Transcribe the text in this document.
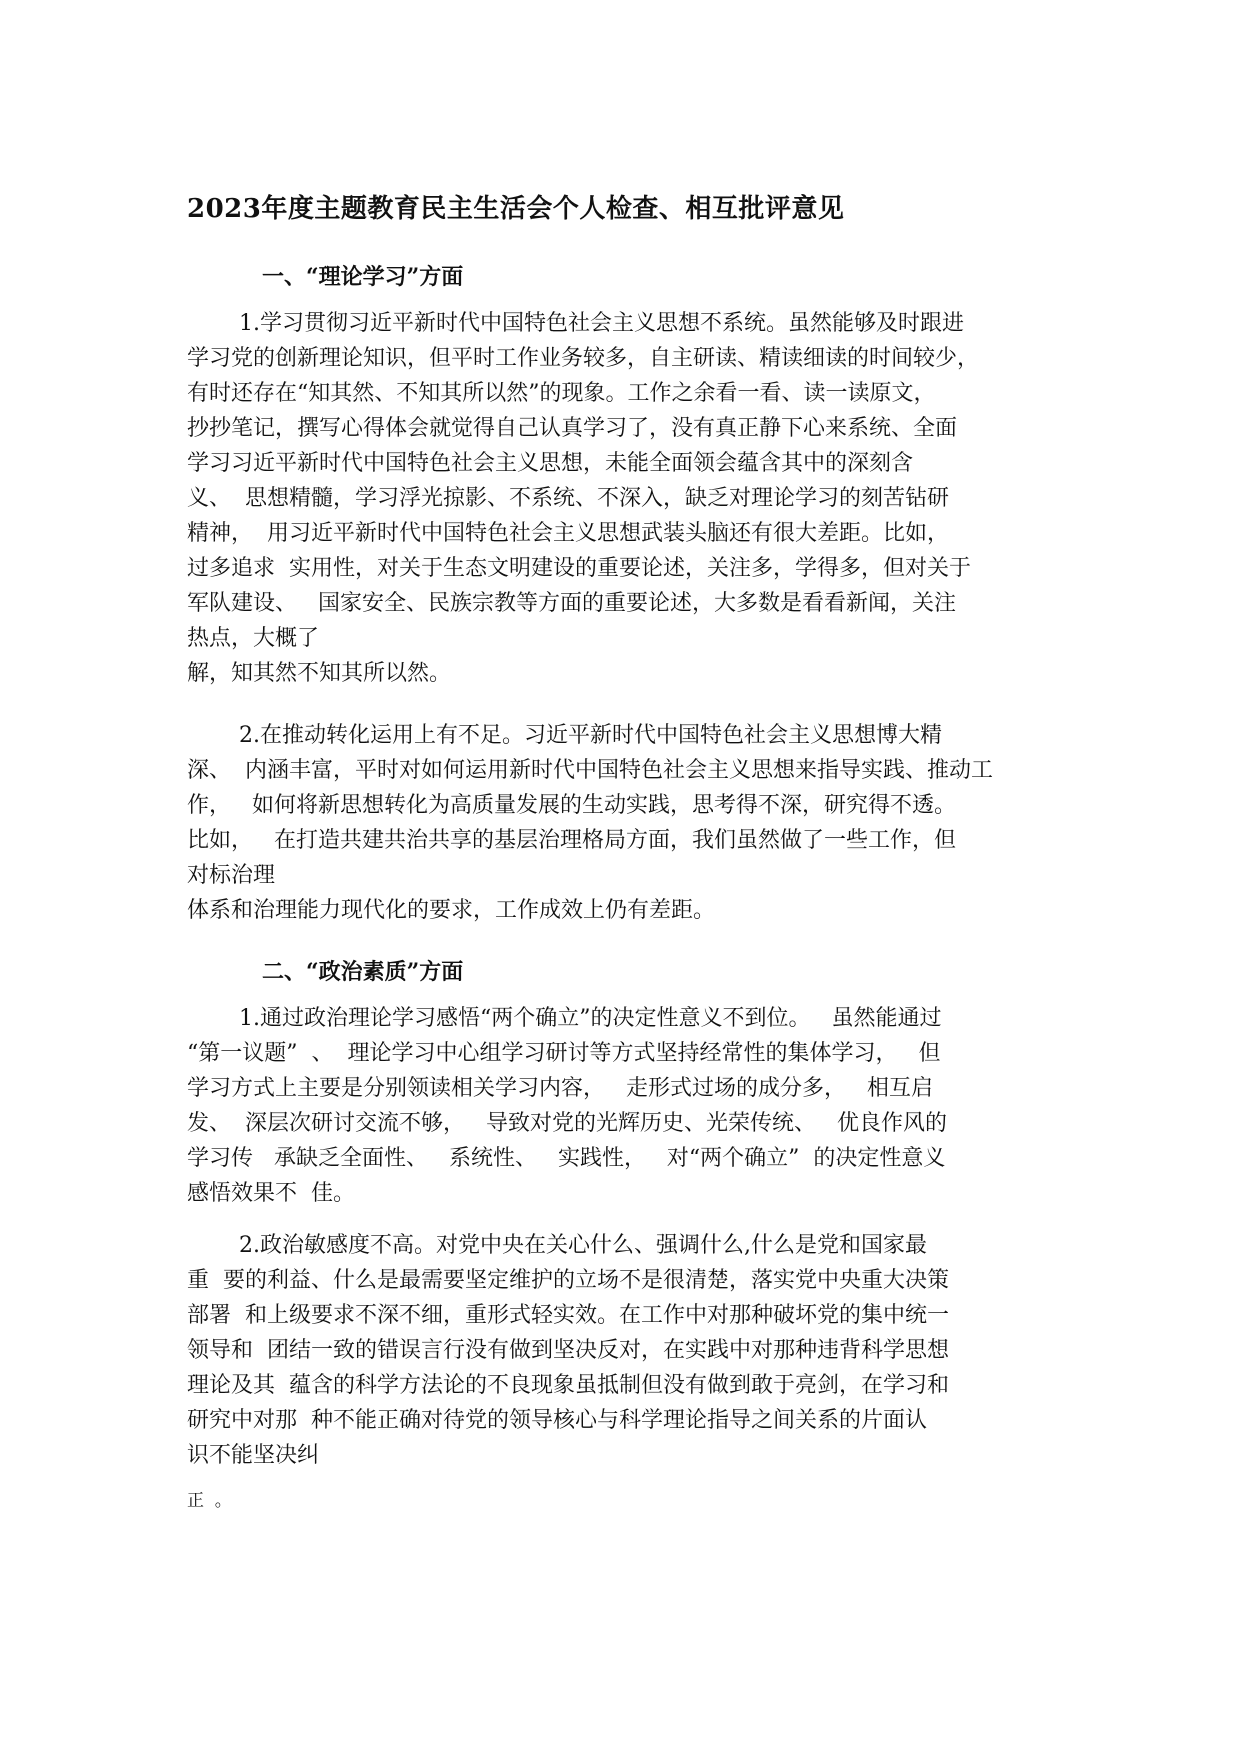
2023年度主题教育民主生活会个人检查、相互批评意见
一、“理论学习”方面
1.学习贯彻习近平新时代中国特色社会主义思想不系统。虽然能够及时跟进
学习党的创新理论知识，但平时工作业务较多，自主研读、精读细读的时间较少，
有时还存在“知其然、不知其所以然”的现象。工作之余看一看、读一读原文，
抄抄笔记，撰写心得体会就觉得自己认真学习了，没有真正静下心来系统、全面
学习习近平新时代中国特色社会主义思想，未能全面领会蕴含其中的深刻含
义、  思想精髓，学习浮光掠影、不系统、不深入，缺乏对理论学习的刻苦钻研
精神，  用习近平新时代中国特色社会主义思想武装头脑还有很大差距。比如，
过多追求  实用性，对关于生态文明建设的重要论述，关注多，学得多，但对关于
军队建设、   国家安全、民族宗教等方面的重要论述，大多数是看看新闻，关注
热点，大概了
解，知其然不知其所以然。
2.在推动转化运用上有不足。习近平新时代中国特色社会主义思想博大精
深、  内涵丰富，平时对如何运用新时代中国特色社会主义思想来指导实践、推动工
作，   如何将新思想转化为高质量发展的生动实践，思考得不深，研究得不透。
比如，   在打造共建共治共享的基层治理格局方面，我们虽然做了一些工作，但
对标治理
体系和治理能力现代化的要求，工作成效上仍有差距。
二、“政治素质”方面
1.通过政治理论学习感悟“两个确立”的决定性意义不到位。   虽然能通过
“第一议题”  、  理论学习中心组学习研讨等方式坚持经常性的集体学习，   但
学习方式上主要是分别领读相关学习内容，   走形式过场的成分多，   相互启
发、  深层次研讨交流不够，   导致对党的光辉历史、光荣传统、   优良作风的
学习传   承缺乏全面性、   系统性、   实践性，   对“两个确立”  的决定性意义
感悟效果不  佳。
2.政治敏感度不高。对党中央在关心什么、强调什么,什么是党和国家最
重  要的利益、什么是最需要坚定维护的立场不是很清楚，落实党中央重大决策
部署  和上级要求不深不细，重形式轻实效。在工作中对那种破坏党的集中统一
领导和  团结一致的错误言行没有做到坚决反对，在实践中对那种违背科学思想
理论及其  蕴含的科学方法论的不良现象虽抵制但没有做到敢于亮剑，在学习和
研究中对那  种不能正确对待党的领导核心与科学理论指导之间关系的片面认
识不能坚决纠
正  。
